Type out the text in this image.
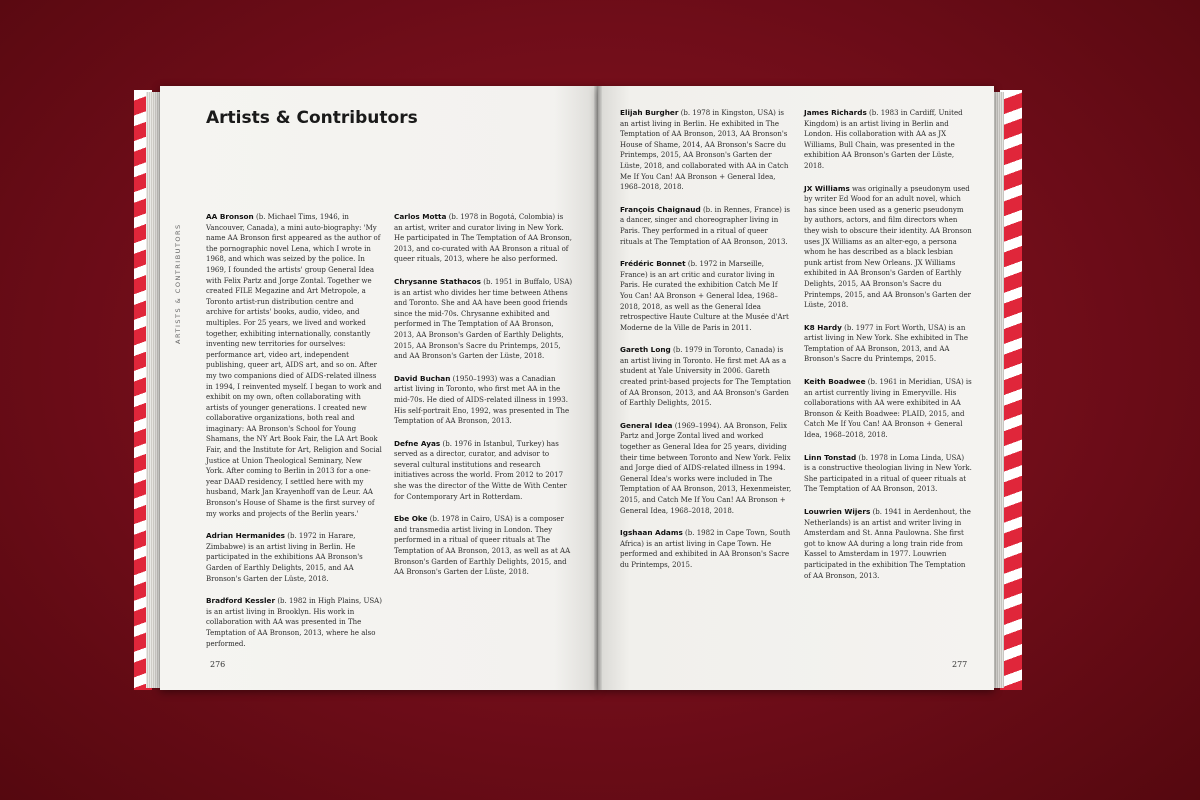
Artists & Contributors
ARTISTS & CONTRIBUTORS

AA Bronson (b. Michael Tims, 1946, in Vancouver, Canada), a mini auto-biography: 'My name AA Bronson first appeared as the author of the pornographic novel Lena, which I wrote in 1968, and which was seized by the police. In 1969, I founded the artists' group General Idea with Felix Partz and Jorge Zontal. Together we created FILE Megazine and Art Metropole, a Toronto artist-run distribution centre and archive for artists' books, audio, video, and multiples. For 25 years, we lived and worked together, exhibiting internationally, constantly inventing new territories for ourselves: performance art, video art, independent publishing, queer art, AIDS art, and so on. After my two companions died of AIDS-related illness in 1994, I reinvented myself. I began to work and exhibit on my own, often collaborating with artists of younger generations. I created new collaborative organizations, both real and imaginary: AA Bronson's School for Young Shamans, the NY Art Book Fair, the LA Art Book Fair, and the Institute for Art, Religion and Social Justice at Union Theological Seminary, New York. After coming to Berlin in 2013 for a one-year DAAD residency, I settled here with my husband, Mark Jan Krayenhoff van de Leur. AA Bronson's House of Shame is the first survey of my works and projects of the Berlin years.'

Adrian Hermanides (b. 1972 in Harare, Zimbabwe) is an artist living in Berlin. He participated in the exhibitions AA Bronson's Garden of Earthly Delights, 2015, and AA Bronson's Garten der Lüste, 2018.

Bradford Kessler (b. 1982 in High Plains, USA) is an artist living in Brooklyn. His work in collaboration with AA was presented in The Temptation of AA Bronson, 2013, where he also performed.

Carlos Motta (b. 1978 in Bogotá, Colombia) is an artist, writer and curator living in New York. He participated in The Temptation of AA Bronson, 2013, and co-curated with AA Bronson a ritual of queer rituals, 2013, where he also performed.

Chrysanne Stathacos (b. 1951 in Buffalo, USA) is an artist who divides her time between Athens and Toronto. She and AA have been good friends since the mid-70s. Chrysanne exhibited and performed in The Temptation of AA Bronson, 2013, AA Bronson's Garden of Earthly Delights, 2015, AA Bronson's Sacre du Printemps, 2015, and AA Bronson's Garten der Lüste, 2018.

David Buchan (1950–1993) was a Canadian artist living in Toronto, who first met AA in the mid-70s. He died of AIDS-related illness in 1993. His self-portrait Eno, 1992, was presented in The Temptation of AA Bronson, 2013.

Defne Ayas (b. 1976 in Istanbul, Turkey) has served as a director, curator, and advisor to several cultural institutions and research initiatives across the world. From 2012 to 2017 she was the director of the Witte de With Center for Contemporary Art in Rotterdam.

Ebe Oke (b. 1978 in Cairo, USA) is a composer and transmedia artist living in London. They performed in a ritual of queer rituals at The Temptation of AA Bronson, 2013, as well as at AA Bronson's Garden of Earthly Delights, 2015, and AA Bronson's Garten der Lüste, 2018.

Elijah Burgher (b. 1978 in Kingston, USA) is an artist living in Berlin. He exhibited in The Temptation of AA Bronson, 2013, AA Bronson's House of Shame, 2014, AA Bronson's Sacre du Printemps, 2015, AA Bronson's Garten der Lüste, 2018, and collaborated with AA in Catch Me If You Can! AA Bronson + General Idea, 1968–2018, 2018.

François Chaignaud (b. in Rennes, France) is a dancer, singer and choreographer living in Paris. They performed in a ritual of queer rituals at The Temptation of AA Bronson, 2013.

Frédéric Bonnet (b. 1972 in Marseille, France) is an art critic and curator living in Paris. He curated the exhibition Catch Me If You Can! AA Bronson + General Idea, 1968–2018, 2018, as well as the General Idea retrospective Haute Culture at the Musée d'Art Moderne de la Ville de Paris in 2011.

Gareth Long (b. 1979 in Toronto, Canada) is an artist living in Toronto. He first met AA as a student at Yale University in 2006. Gareth created print-based projects for The Temptation of AA Bronson, 2013, and AA Bronson's Garden of Earthly Delights, 2015.

General Idea (1969–1994). AA Bronson, Felix Partz and Jorge Zontal lived and worked together as General Idea for 25 years, dividing their time between Toronto and New York. Felix and Jorge died of AIDS-related illness in 1994. General Idea's works were included in The Temptation of AA Bronson, 2013, Hexenmeister, 2015, and Catch Me If You Can! AA Bronson + General Idea, 1968–2018, 2018.

Igshaan Adams (b. 1982 in Cape Town, South Africa) is an artist living in Cape Town. He performed and exhibited in AA Bronson's Sacre du Printemps, 2015.

James Richards (b. 1983 in Cardiff, United Kingdom) is an artist living in Berlin and London. His collaboration with AA as JX Williams, Bull Chain, was presented in the exhibition AA Bronson's Garten der Lüste, 2018.

JX Williams was originally a pseudonym used by writer Ed Wood for an adult novel, which has since been used as a generic pseudonym by authors, actors, and film directors when they wish to obscure their identity. AA Bronson uses JX Williams as an alter-ego, a persona whom he has described as a black lesbian punk artist from New Orleans. JX Williams exhibited in AA Bronson's Garden of Earthly Delights, 2015, AA Bronson's Sacre du Printemps, 2015, and AA Bronson's Garten der Lüste, 2018.

K8 Hardy (b. 1977 in Fort Worth, USA) is an artist living in New York. She exhibited in The Temptation of AA Bronson, 2013, and AA Bronson's Sacre du Printemps, 2015.

Keith Boadwee (b. 1961 in Meridian, USA) is an artist currently living in Emeryville. His collaborations with AA were exhibited in AA Bronson & Keith Boadwee: PLAID, 2015, and Catch Me If You Can! AA Bronson + General Idea, 1968–2018, 2018.

Linn Tonstad (b. 1978 in Loma Linda, USA) is a constructive theologian living in New York. She participated in a ritual of queer rituals at The Temptation of AA Bronson, 2013.

Louwrien Wijers (b. 1941 in Aerdenhout, the Netherlands) is an artist and writer living in Amsterdam and St. Anna Paulowna. She first got to know AA during a long train ride from Kassel to Amsterdam in 1977. Louwrien participated in the exhibition The Temptation of AA Bronson, 2013.

276	277
